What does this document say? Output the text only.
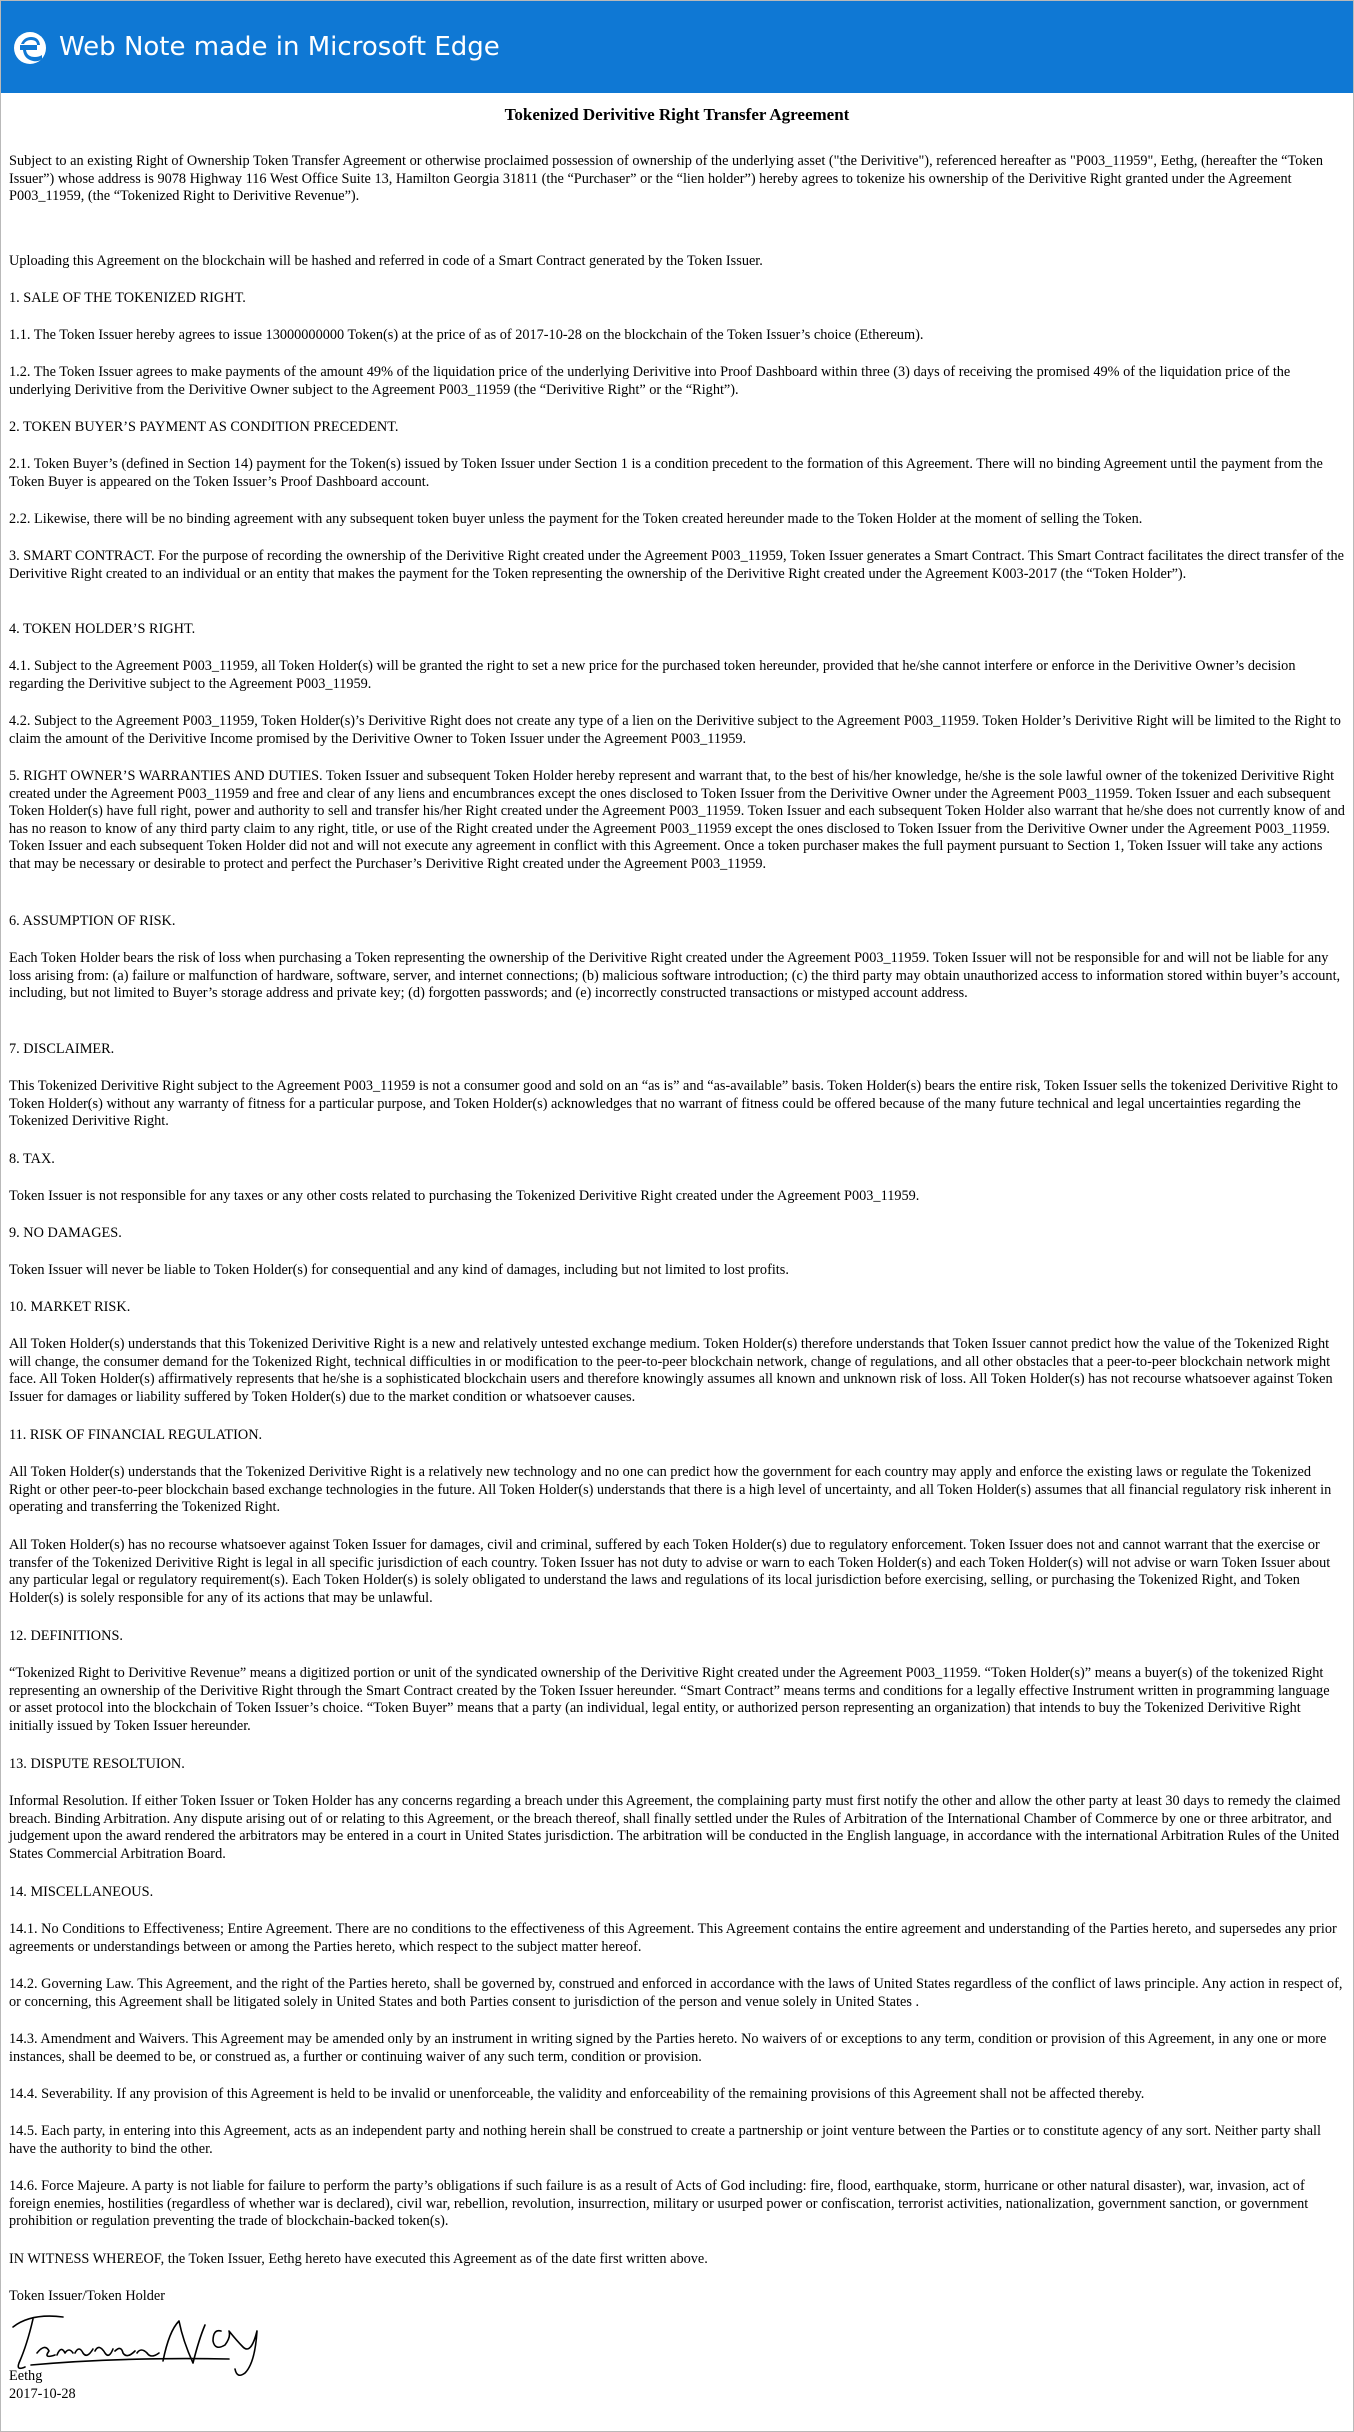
Web Note made in Microsoft Edge
Tokenized Derivitive Right Transfer Agreement

Subject to an existing Right of Ownership Token Transfer Agreement or otherwise proclaimed possession of ownership of the underlying asset ("the Derivitive"), referenced hereafter as "P003_11959", Eethg, (hereafter the “Token Issuer”) whose address is 9078 Highway 116 West Office Suite 13, Hamilton Georgia 31811 (the “Purchaser” or the “lien holder”) hereby agrees to tokenize his ownership of the Derivitive Right granted under the Agreement P003_11959, (the “Tokenized Right to Derivitive Revenue”).

Uploading this Agreement on the blockchain will be hashed and referred in code of a Smart Contract generated by the Token Issuer.

1. SALE OF THE TOKENIZED RIGHT.

1.1. The Token Issuer hereby agrees to issue 13000000000 Token(s) at the price of as of 2017-10-28 on the blockchain of the Token Issuer’s choice (Ethereum).

1.2. The Token Issuer agrees to make payments of the amount 49% of the liquidation price of the underlying Derivitive into Proof Dashboard within three (3) days of receiving the promised 49% of the liquidation price of the underlying Derivitive from the Derivitive Owner subject to the Agreement P003_11959 (the “Derivitive Right” or the “Right”).

2. TOKEN BUYER’S PAYMENT AS CONDITION PRECEDENT.

2.1. Token Buyer’s (defined in Section 14) payment for the Token(s) issued by Token Issuer under Section 1 is a condition precedent to the formation of this Agreement. There will no binding Agreement until the payment from the Token Buyer is appeared on the Token Issuer’s Proof Dashboard account.

2.2. Likewise, there will be no binding agreement with any subsequent token buyer unless the payment for the Token created hereunder made to the Token Holder at the moment of selling the Token.

3. SMART CONTRACT. For the purpose of recording the ownership of the Derivitive Right created under the Agreement P003_11959, Token Issuer generates a Smart Contract. This Smart Contract facilitates the direct transfer of the Derivitive Right created to an individual or an entity that makes the payment for the Token representing the ownership of the Derivitive Right created under the Agreement K003-2017 (the “Token Holder”).

4. TOKEN HOLDER’S RIGHT.

4.1. Subject to the Agreement P003_11959, all Token Holder(s) will be granted the right to set a new price for the purchased token hereunder, provided that he/she cannot interfere or enforce in the Derivitive Owner’s decision regarding the Derivitive subject to the Agreement P003_11959.

4.2. Subject to the Agreement P003_11959, Token Holder(s)’s Derivitive Right does not create any type of a lien on the Derivitive subject to the Agreement P003_11959. Token Holder’s Derivitive Right will be limited to the Right to claim the amount of the Derivitive Income promised by the Derivitive Owner to Token Issuer under the Agreement P003_11959.

5. RIGHT OWNER’S WARRANTIES AND DUTIES. Token Issuer and subsequent Token Holder hereby represent and warrant that, to the best of his/her knowledge, he/she is the sole lawful owner of the tokenized Derivitive Right created under the Agreement P003_11959 and free and clear of any liens and encumbrances except the ones disclosed to Token Issuer from the Derivitive Owner under the Agreement P003_11959. Token Issuer and each subsequent Token Holder(s) have full right, power and authority to sell and transfer his/her Right created under the Agreement P003_11959. Token Issuer and each subsequent Token Holder also warrant that he/she does not currently know of and has no reason to know of any third party claim to any right, title, or use of the Right created under the Agreement P003_11959 except the ones disclosed to Token Issuer from the Derivitive Owner under the Agreement P003_11959. Token Issuer and each subsequent Token Holder did not and will not execute any agreement in conflict with this Agreement. Once a token purchaser makes the full payment pursuant to Section 1, Token Issuer will take any actions that may be necessary or desirable to protect and perfect the Purchaser’s Derivitive Right created under the Agreement P003_11959.

6. ASSUMPTION OF RISK.

Each Token Holder bears the risk of loss when purchasing a Token representing the ownership of the Derivitive Right created under the Agreement P003_11959. Token Issuer will not be responsible for and will not be liable for any loss arising from: (a) failure or malfunction of hardware, software, server, and internet connections; (b) malicious software introduction; (c) the third party may obtain unauthorized access to information stored within buyer’s account, including, but not limited to Buyer’s storage address and private key; (d) forgotten passwords; and (e) incorrectly constructed transactions or mistyped account address.

7. DISCLAIMER.

This Tokenized Derivitive Right subject to the Agreement P003_11959 is not a consumer good and sold on an “as is” and “as-available” basis. Token Holder(s) bears the entire risk, Token Issuer sells the tokenized Derivitive Right to Token Holder(s) without any warranty of fitness for a particular purpose, and Token Holder(s) acknowledges that no warrant of fitness could be offered because of the many future technical and legal uncertainties regarding the Tokenized Derivitive Right.

8. TAX.

Token Issuer is not responsible for any taxes or any other costs related to purchasing the Tokenized Derivitive Right created under the Agreement P003_11959.

9. NO DAMAGES.

Token Issuer will never be liable to Token Holder(s) for consequential and any kind of damages, including but not limited to lost profits.

10. MARKET RISK.

All Token Holder(s) understands that this Tokenized Derivitive Right is a new and relatively untested exchange medium. Token Holder(s) therefore understands that Token Issuer cannot predict how the value of the Tokenized Right will change, the consumer demand for the Tokenized Right, technical difficulties in or modification to the peer-to-peer blockchain network, change of regulations, and all other obstacles that a peer-to-peer blockchain network might face. All Token Holder(s) affirmatively represents that he/she is a sophisticated blockchain users and therefore knowingly assumes all known and unknown risk of loss. All Token Holder(s) has not recourse whatsoever against Token Issuer for damages or liability suffered by Token Holder(s) due to the market condition or whatsoever causes.

11. RISK OF FINANCIAL REGULATION.

All Token Holder(s) understands that the Tokenized Derivitive Right is a relatively new technology and no one can predict how the government for each country may apply and enforce the existing laws or regulate the Tokenized Right or other peer-to-peer blockchain based exchange technologies in the future. All Token Holder(s) understands that there is a high level of uncertainty, and all Token Holder(s) assumes that all financial regulatory risk inherent in operating and transferring the Tokenized Right.

All Token Holder(s) has no recourse whatsoever against Token Issuer for damages, civil and criminal, suffered by each Token Holder(s) due to regulatory enforcement. Token Issuer does not and cannot warrant that the exercise or transfer of the Tokenized Derivitive Right is legal in all specific jurisdiction of each country. Token Issuer has not duty to advise or warn to each Token Holder(s) and each Token Holder(s) will not advise or warn Token Issuer about any particular legal or regulatory requirement(s). Each Token Holder(s) is solely obligated to understand the laws and regulations of its local jurisdiction before exercising, selling, or purchasing the Tokenized Right, and Token Holder(s) is solely responsible for any of its actions that may be unlawful.

12. DEFINITIONS.

“Tokenized Right to Derivitive Revenue” means a digitized portion or unit of the syndicated ownership of the Derivitive Right created under the Agreement P003_11959. “Token Holder(s)” means a buyer(s) of the tokenized Right representing an ownership of the Derivitive Right through the Smart Contract created by the Token Issuer hereunder. “Smart Contract” means terms and conditions for a legally effective Instrument written in programming language or asset protocol into the blockchain of Token Issuer’s choice. “Token Buyer” means that a party (an individual, legal entity, or authorized person representing an organization) that intends to buy the Tokenized Derivitive Right initially issued by Token Issuer hereunder.

13. DISPUTE RESOLTUION.

Informal Resolution. If either Token Issuer or Token Holder has any concerns regarding a breach under this Agreement, the complaining party must first notify the other and allow the other party at least 30 days to remedy the claimed breach. Binding Arbitration. Any dispute arising out of or relating to this Agreement, or the breach thereof, shall finally settled under the Rules of Arbitration of the International Chamber of Commerce by one or three arbitrator, and judgement upon the award rendered the arbitrators may be entered in a court in United States jurisdiction. The arbitration will be conducted in the English language, in accordance with the international Arbitration Rules of the United States Commercial Arbitration Board.

14. MISCELLANEOUS.

14.1. No Conditions to Effectiveness; Entire Agreement. There are no conditions to the effectiveness of this Agreement. This Agreement contains the entire agreement and understanding of the Parties hereto, and supersedes any prior agreements or understandings between or among the Parties hereto, which respect to the subject matter hereof.

14.2. Governing Law. This Agreement, and the right of the Parties hereto, shall be governed by, construed and enforced in accordance with the laws of United States regardless of the conflict of laws principle. Any action in respect of, or concerning, this Agreement shall be litigated solely in United States and both Parties consent to jurisdiction of the person and venue solely in United States .

14.3. Amendment and Waivers. This Agreement may be amended only by an instrument in writing signed by the Parties hereto. No waivers of or exceptions to any term, condition or provision of this Agreement, in any one or more instances, shall be deemed to be, or construed as, a further or continuing waiver of any such term, condition or provision.

14.4. Severability. If any provision of this Agreement is held to be invalid or unenforceable, the validity and enforceability of the remaining provisions of this Agreement shall not be affected thereby.

14.5. Each party, in entering into this Agreement, acts as an independent party and nothing herein shall be construed to create a partnership or joint venture between the Parties or to constitute agency of any sort. Neither party shall have the authority to bind the other.

14.6. Force Majeure. A party is not liable for failure to perform the party’s obligations if such failure is as a result of Acts of God including: fire, flood, earthquake, storm, hurricane or other natural disaster), war, invasion, act of foreign enemies, hostilities (regardless of whether war is declared), civil war, rebellion, revolution, insurrection, military or usurped power or confiscation, terrorist activities, nationalization, government sanction, or government prohibition or regulation preventing the trade of blockchain-backed token(s).

IN WITNESS WHEREOF, the Token Issuer, Eethg hereto have executed this Agreement as of the date first written above.

Token Issuer/Token Holder

Eethg

2017-10-28
